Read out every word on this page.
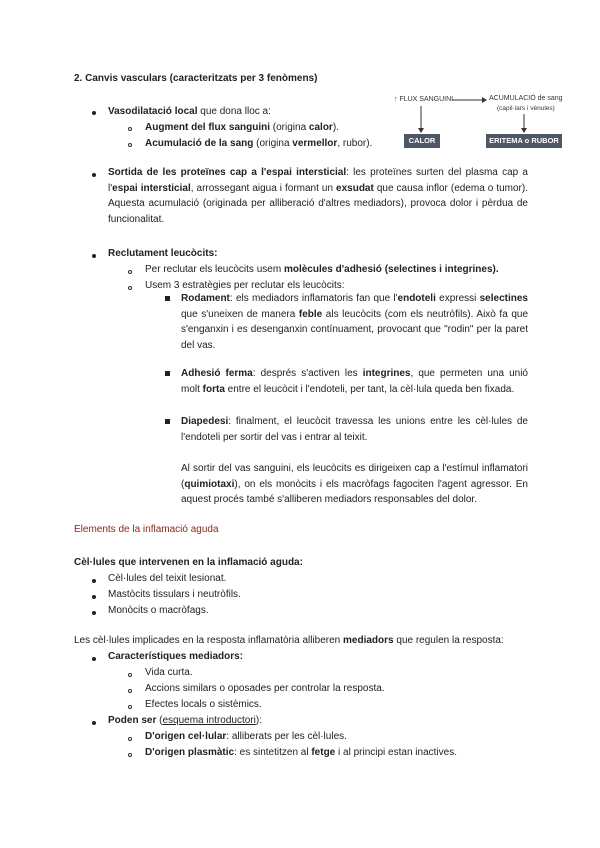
2. Canvis vasculars (caracteritzats per 3 fenòmens)
Vasodilatació local que dona lloc a:
Augment del flux sanguini (origina calor).
Acumulació de la sang (origina vermellor, rubor).
↑ FLUX SANGUINI	ACUMULACIÓ de sang
(capil·lars i vènules)
CALOR	ERITEMA o RUBOR
Sortida de les proteïnes cap a l'espai intersticial: les proteïnes surten del plasma cap a l'espai intersticial, arrossegant aigua i formant un exsudat que causa inflor (edema o tumor). Aquesta acumulació (originada per alliberació d'altres mediadors), provoca dolor i pèrdua de funcionalitat.
Reclutament leucòcits:
Per reclutar els leucòcits usem molècules d'adhesió (selectines i integrines).
Usem 3 estratègies per reclutar els leucòcits:
Rodament: els mediadors inflamatoris fan que l'endoteli expressi selectines que s'uneixen de manera feble als leucòcits (com els neutròfils). Això fa que s'enganxin i es desenganxin contínuament, provocant que "rodin" per la paret del vas.
Adhesió ferma: després s'activen les integrines, que permeten una unió molt forta entre el leucòcit i l'endoteli, per tant, la cèl·lula queda ben fixada.
Diapedesi: finalment, el leucòcit travessa les unions entre les cèl·lules de l'endoteli per sortir del vas i entrar al teixit.
Al sortir del vas sanguini, els leucòcits es dirigeixen cap a l'estímul inflamatori (quimiotaxi), on els monòcits i els macròfags fagociten l'agent agressor. En aquest procés també s'alliberen mediadors responsables del dolor.
Elements de la inflamació aguda
Cèl·lules que intervenen en la inflamació aguda:
Cèl·lules del teixit lesionat.
Mastòcits tissulars i neutròfils.
Monòcits o macròfags.
Les cèl·lules implicades en la resposta inflamatòria alliberen mediadors que regulen la resposta:
Característiques mediadors:
Vida curta.
Accions similars o oposades per controlar la resposta.
Efectes locals o sistèmics.
Poden ser (esquema introductori):
D'origen cel·lular: alliberats per les cèl·lules.
D'origen plasmàtic: es sintetitzen al fetge i al principi estan inactives.
